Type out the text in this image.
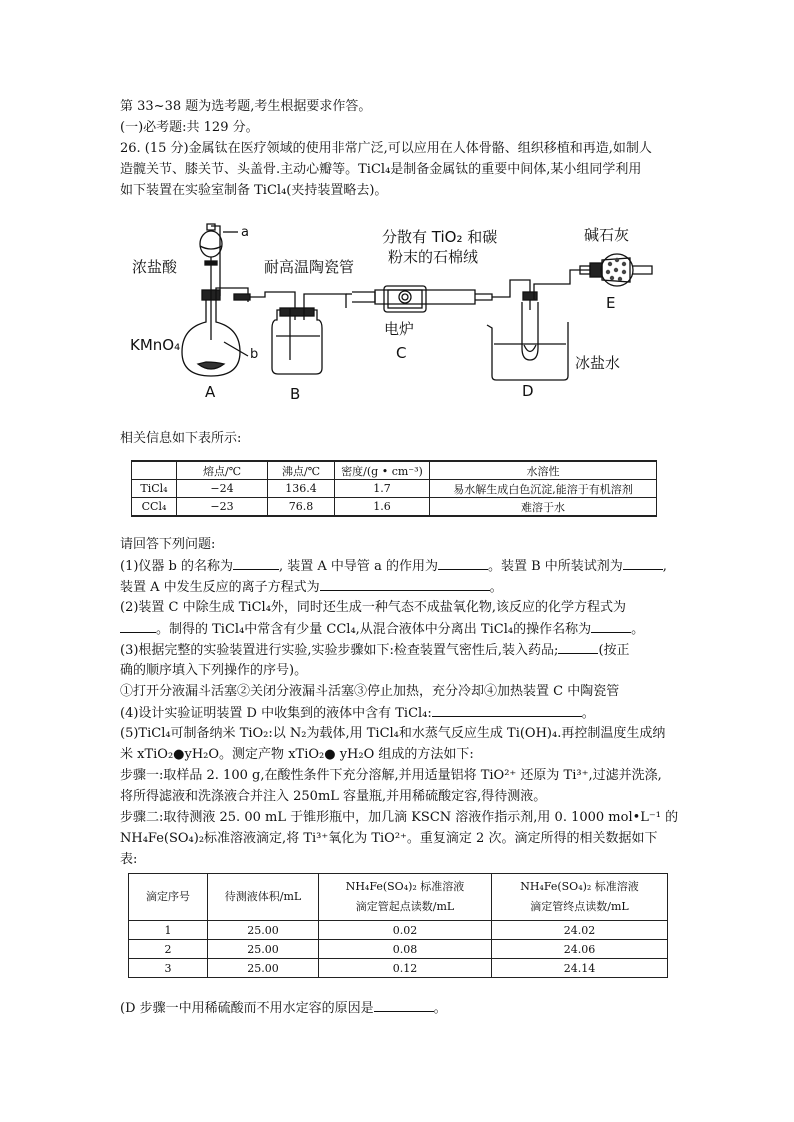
第 33~38 题为选考题,考生根据要求作答。
(一)必考题:共 129 分。
26. (15 分)金属钛在医疗领域的使用非常广泛,可以应用在人体骨骼、组织移植和再造,如制人
造髋关节、膝关节、头盖骨.主动心瓣等。TiCl₄是制备金属钛的重要中间体,某小组同学利用
如下装置在实验室制备 TiCl₄(夹持装置略去)。
浓盐酸
a
b
KMnO₄
A	B
耐高温陶瓷管
分散有 TiO₂ 和碳
粉末的石棉绒
电炉
C
碱石灰
E
D
冰盐水
相关信息如下表所示:
	熔点/℃	沸点/℃	密度/(g • cm⁻³)	水溶性
TiCl₄	−24	136.4	1.7	易水解生成白色沉淀,能溶于有机溶剂
CCl₄	−23	76.8	1.6	难溶于水
请回答下列问题:
(1)仪器 b 的名称为	, 装置 A 中导管 a 的作用为	。装置 B 中所装试剂为	,
装置 A 中发生反应的离子方程式为	。
(2)装置 C 中除生成 TiCl₄外，同时还生成一种气态不成盐氧化物,该反应的化学方程式为
。制得的 TiCl₄中常含有少量 CCl₄,从混合液体中分离出 TiCl₄的操作名称为	。
(3)根据完整的实验装置进行实验,实验步骤如下:检查装置气密性后,装入药品;	(按正
确的顺序填入下列操作的序号)。
①打开分液漏斗活塞②关闭分液漏斗活塞③停止加热，充分冷却④加热装置 C 中陶瓷管
(4)设计实验证明装置 D 中收集到的液体中含有 TiCl₄:	。
(5)TiCl₄可制备纳米 TiO₂:以 N₂为载体,用 TiCl₄和水蒸气反应生成 Ti(OH)₄.再控制温度生成纳
米 xTiO₂●yH₂O。测定产物 xTiO₂● yH₂O 组成的方法如下:
步骤一:取样品 2. 100 g,在酸性条件下充分溶解,并用适量铝将 TiO²⁺ 还原为 Ti³⁺,过滤并洗涤,
将所得滤液和洗涤液合并注入 250mL 容量瓶,并用稀硫酸定容,得待测液。
步骤二:取待测液 25. 00 mL 于锥形瓶中，加几滴 KSCN 溶液作指示剂,用 0. 1000 mol•L⁻¹ 的
NH₄Fe(SO₄)₂标准溶液滴定,将 Ti³⁺氧化为 TiO²⁺。重复滴定 2 次。滴定所得的相关数据如下
表:
滴定序号	待测液体积/mL	NH₄Fe(SO₄)₂ 标准溶液
滴定管起点读数/mL	NH₄Fe(SO₄)₂ 标准溶液
滴定管终点读数/mL
1	25.00	0.02	24.02
2	25.00	0.08	24.06
3	25.00	0.12	24.14
(D 步骤一中用稀硫酸而不用水定容的原因是	。
